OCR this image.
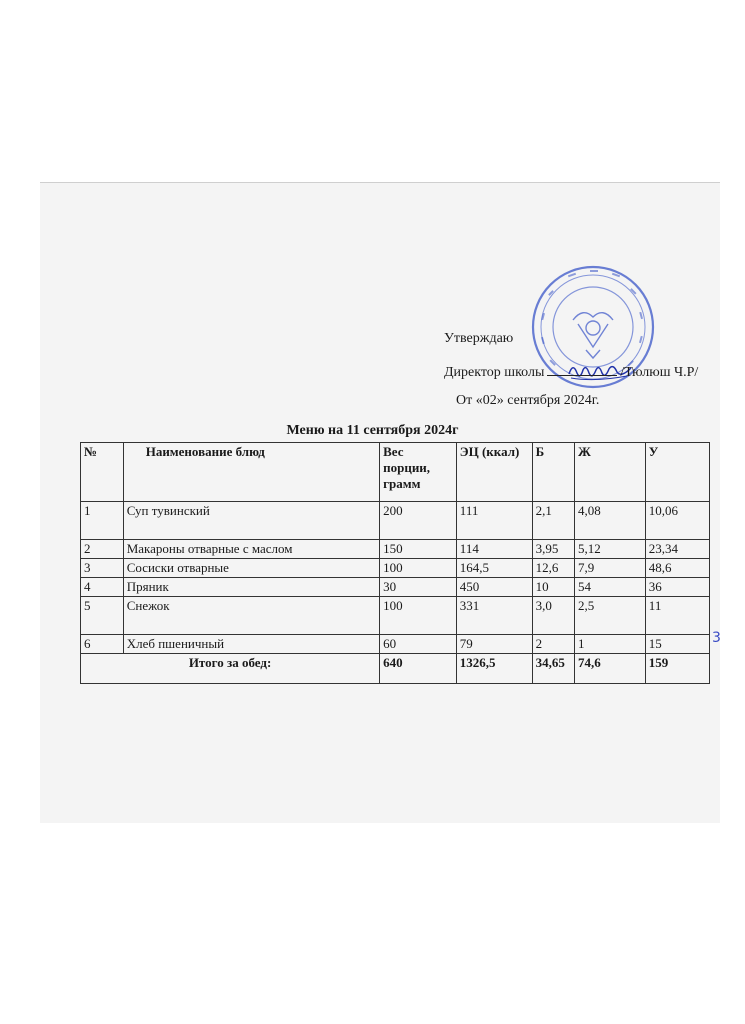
Утверждаю
Директор школы	/Тюлюш Ч.Р/
От «02» сентября 2024г.
Меню на 11 сентября 2024г
№	Наименование блюд	Вес порции, грамм	ЭЦ (ккал)	Б	Ж	У
1	Суп тувинский	200	111	2,1	4,08	10,06
2	Макароны отварные с маслом	150	114	3,95	5,12	23,34
3	Сосиски отварные	100	164,5	12,6	7,9	48,6
4	Пряник	30	450	10	54	36
5	Снежок	100	331	3,0	2,5	11
6	Хлеб пшеничный	60	79	2	1	15
Итого за обед:		640	1326,5	34,65	74,6	159
3
